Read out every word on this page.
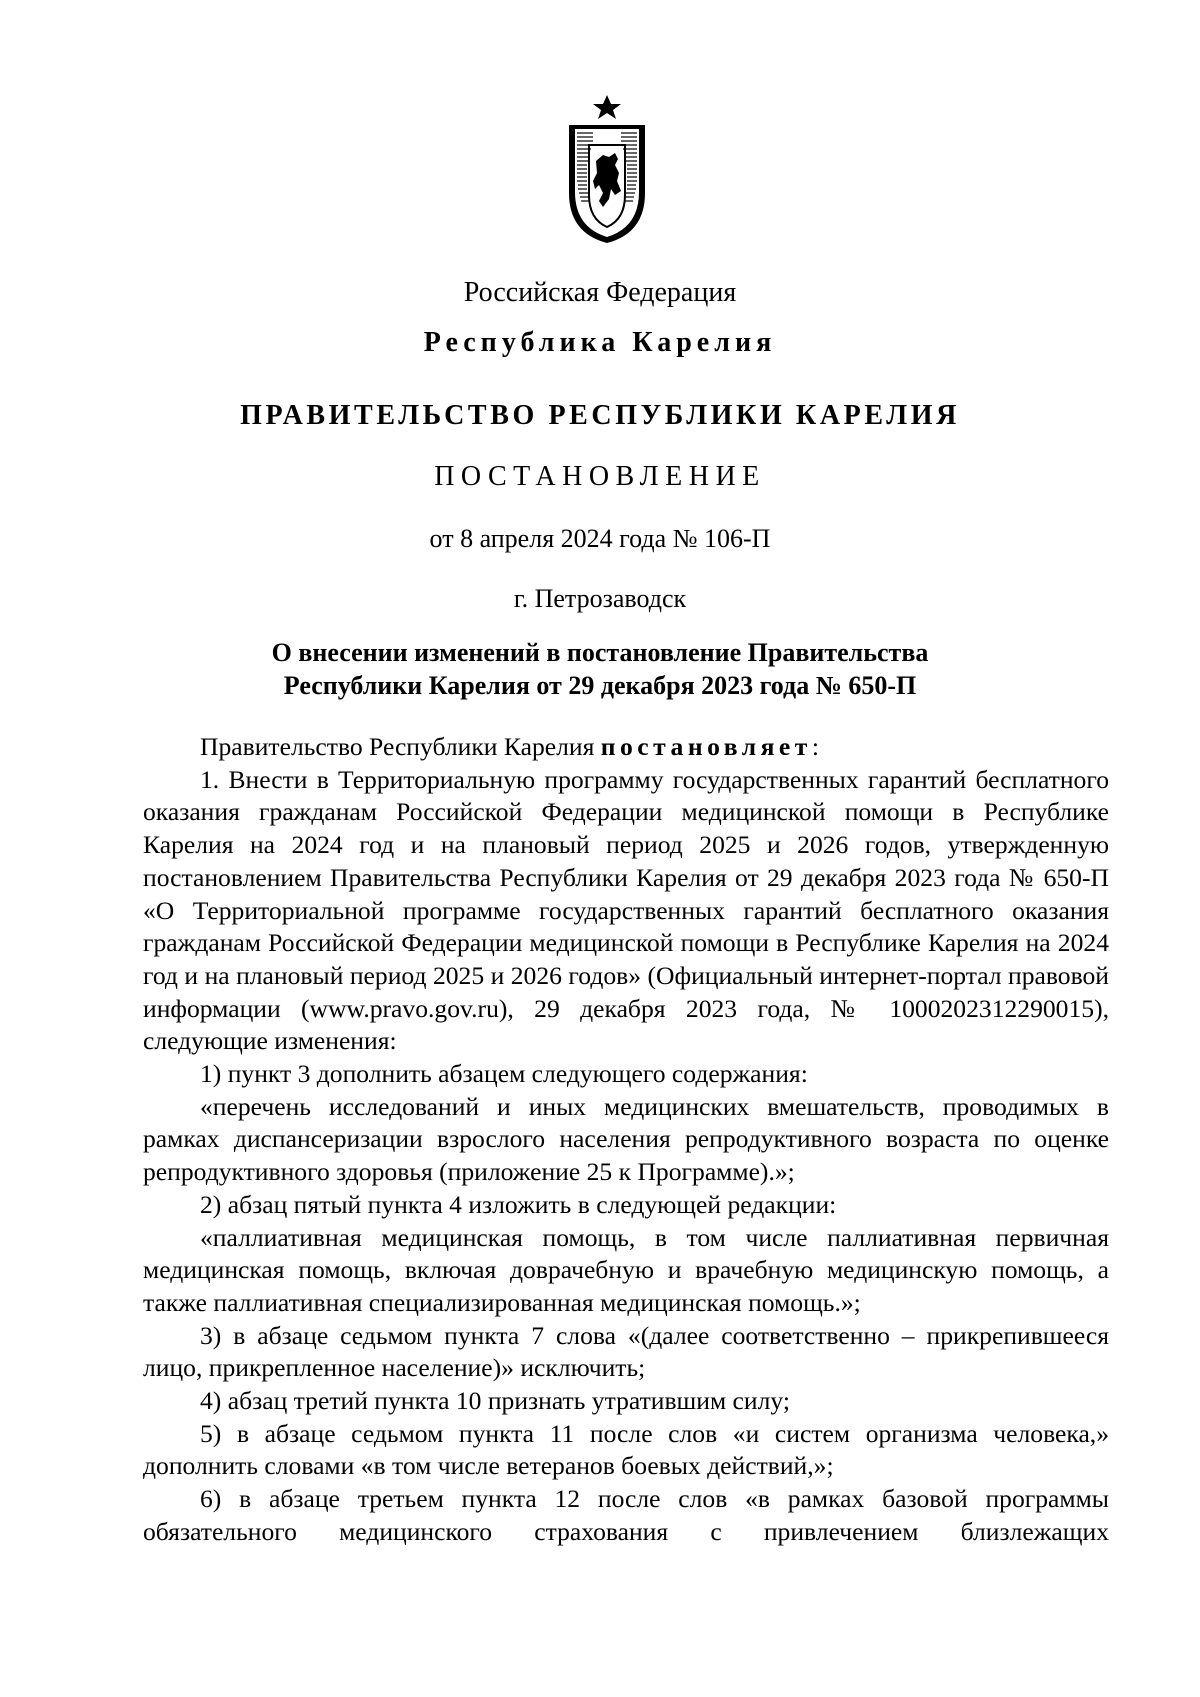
Российская Федерация
Республика Карелия
ПРАВИТЕЛЬСТВО РЕСПУБЛИКИ КАРЕЛИЯ
ПОСТАНОВЛЕНИЕ
от 8 апреля 2024 года № 106-П
г. Петрозаводск
О внесении изменений в постановление Правительства
Республики Карелия от 29 декабря 2023 года № 650-П

Правительство Республики Карелия постановляет:

1. Внести в Территориальную программу государственных гарантий бесплатного оказания гражданам Российской Федерации медицинской помощи в Республике Карелия на 2024 год и на плановый период 2025 и 2026 годов, утвержденную постановлением Правительства Республики Карелия от 29 декабря 2023 года № 650-П «О Территориальной программе государственных гарантий бесплатного оказания гражданам Российской Федерации медицинской помощи в Республике Карелия на 2024 год и на плановый период 2025 и 2026 годов» (Официальный интернет-портал правовой информации (www.pravo.gov.ru), 29 декабря 2023 года, № 1000202312290015), следующие изменения:

1) пункт 3 дополнить абзацем следующего содержания:

«перечень исследований и иных медицинских вмешательств, проводимых в рамках диспансеризации взрослого населения репродуктивного возраста по оценке репродуктивного здоровья (приложение 25 к Программе).»;

2) абзац пятый пункта 4 изложить в следующей редакции:

«паллиативная медицинская помощь, в том числе паллиативная первичная медицинская помощь, включая доврачебную и врачебную медицинскую помощь, а также паллиативная специализированная медицинская помощь.»;

3) в абзаце седьмом пункта 7 слова «(далее соответственно – прикрепившееся лицо, прикрепленное население)» исключить;

4) абзац третий пункта 10 признать утратившим силу;

5) в абзаце седьмом пункта 11 после слов «и систем организма человека,» дополнить словами «в том числе ветеранов боевых действий,»;

6) в абзаце третьем пункта 12 после слов «в рамках базовой программы обязательного медицинского страхования с привлечением близлежащих
